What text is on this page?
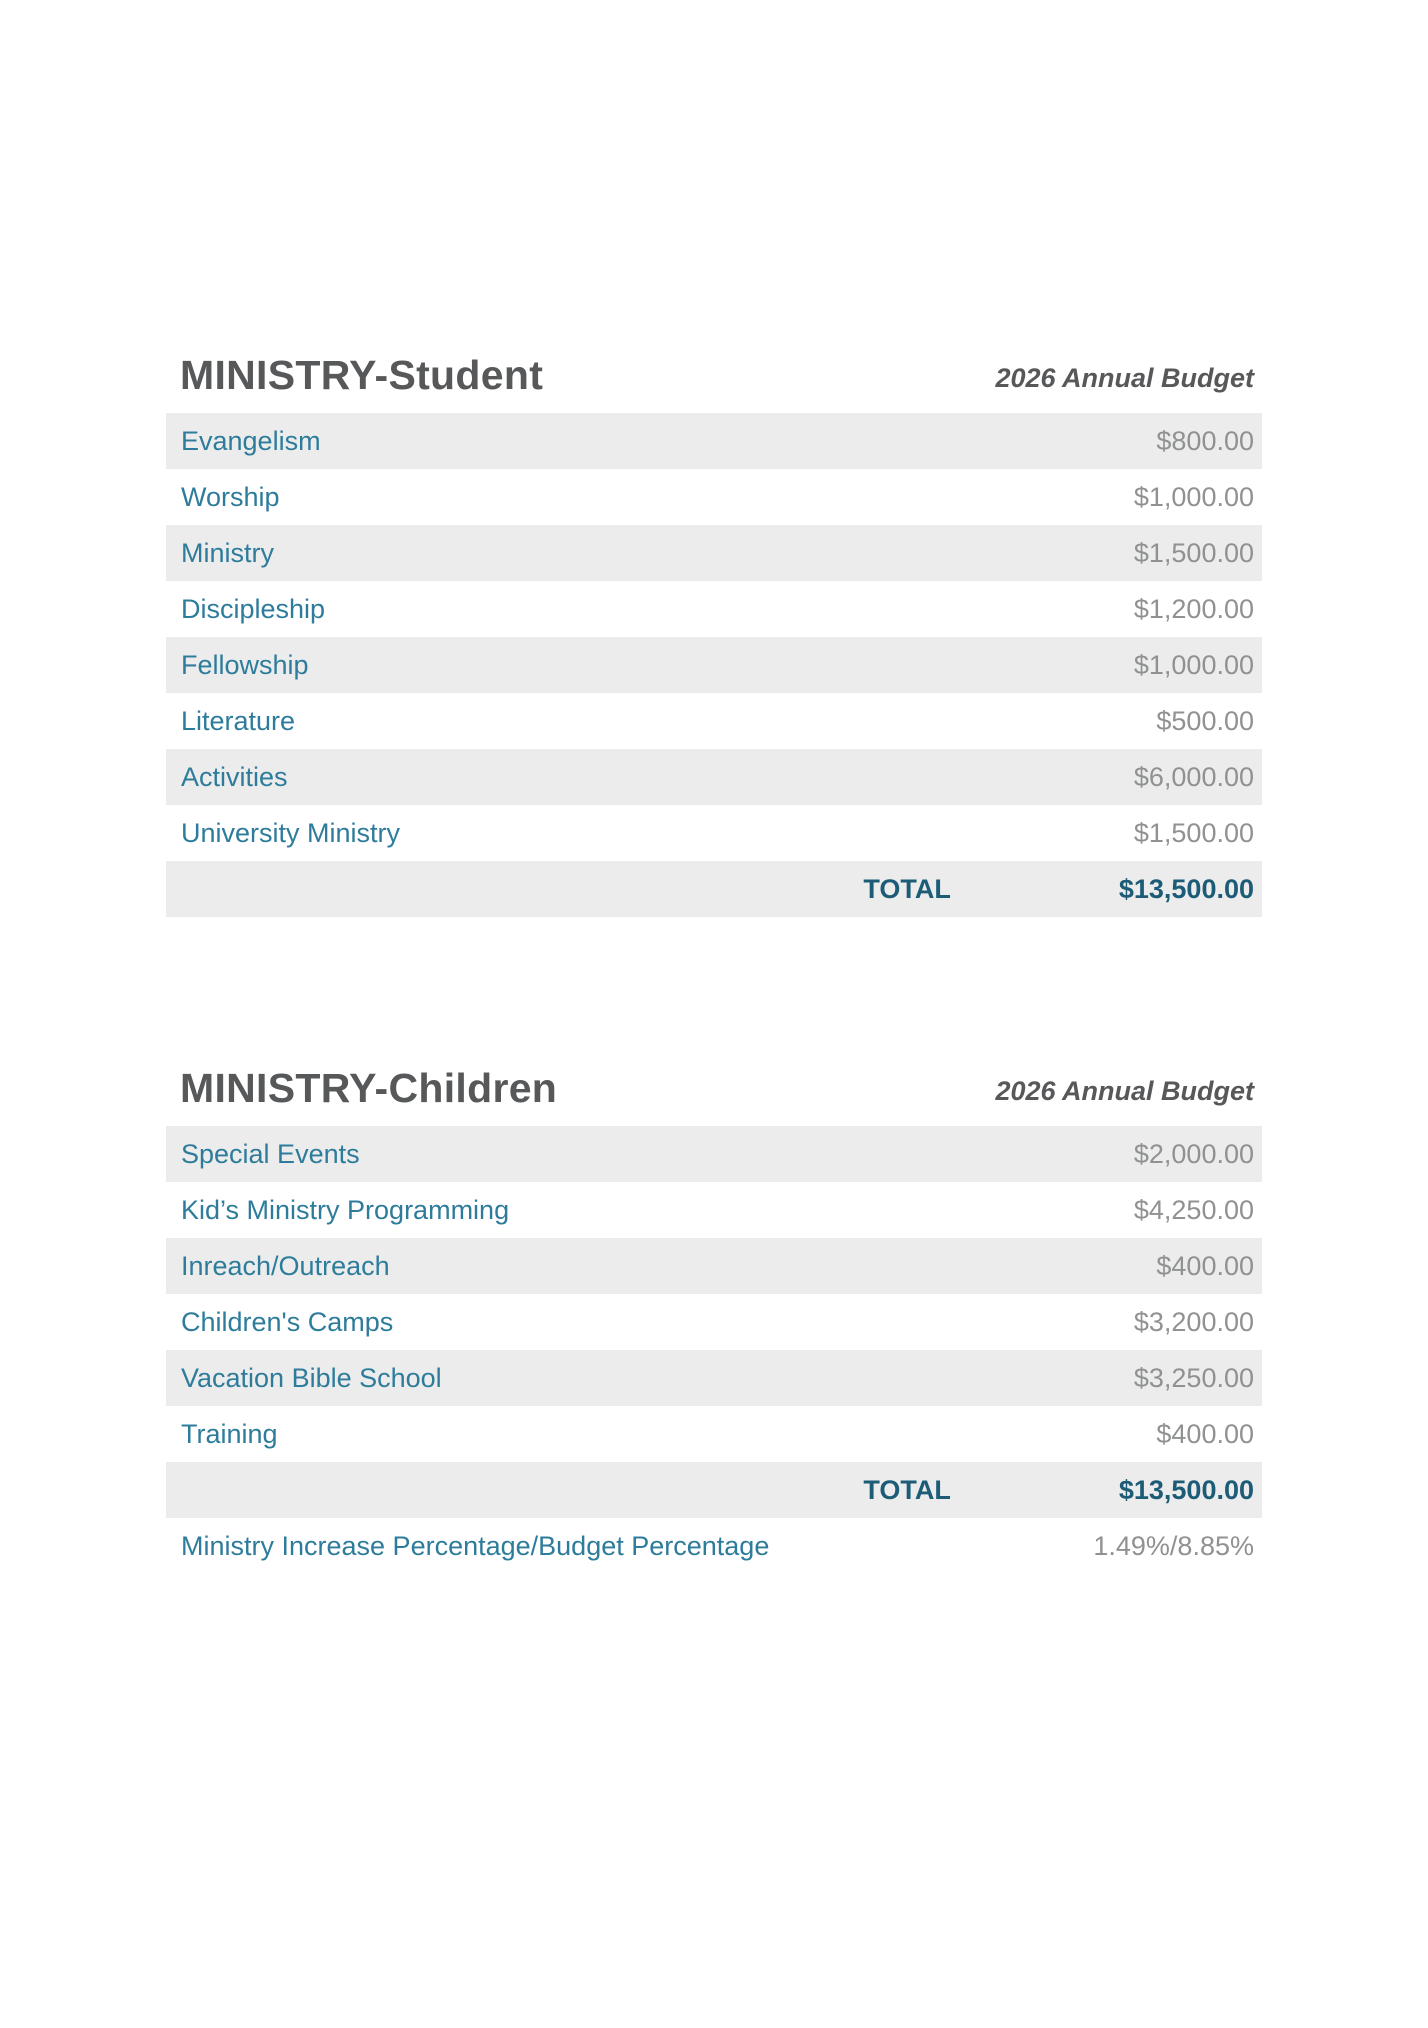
MINISTRY-Student	2026 Annual Budget
Evangelism	$800.00
Worship	$1,000.00
Ministry	$1,500.00
Discipleship	$1,200.00
Fellowship	$1,000.00
Literature	$500.00
Activities	$6,000.00
University Ministry	$1,500.00
TOTAL	$13,500.00
MINISTRY-Children	2026 Annual Budget
Special Events	$2,000.00
Kid’s Ministry Programming	$4,250.00
Inreach/Outreach	$400.00
Children's Camps	$3,200.00
Vacation Bible School	$3,250.00
Training	$400.00
TOTAL	$13,500.00
Ministry Increase Percentage/Budget Percentage	1.49%/8.85%
